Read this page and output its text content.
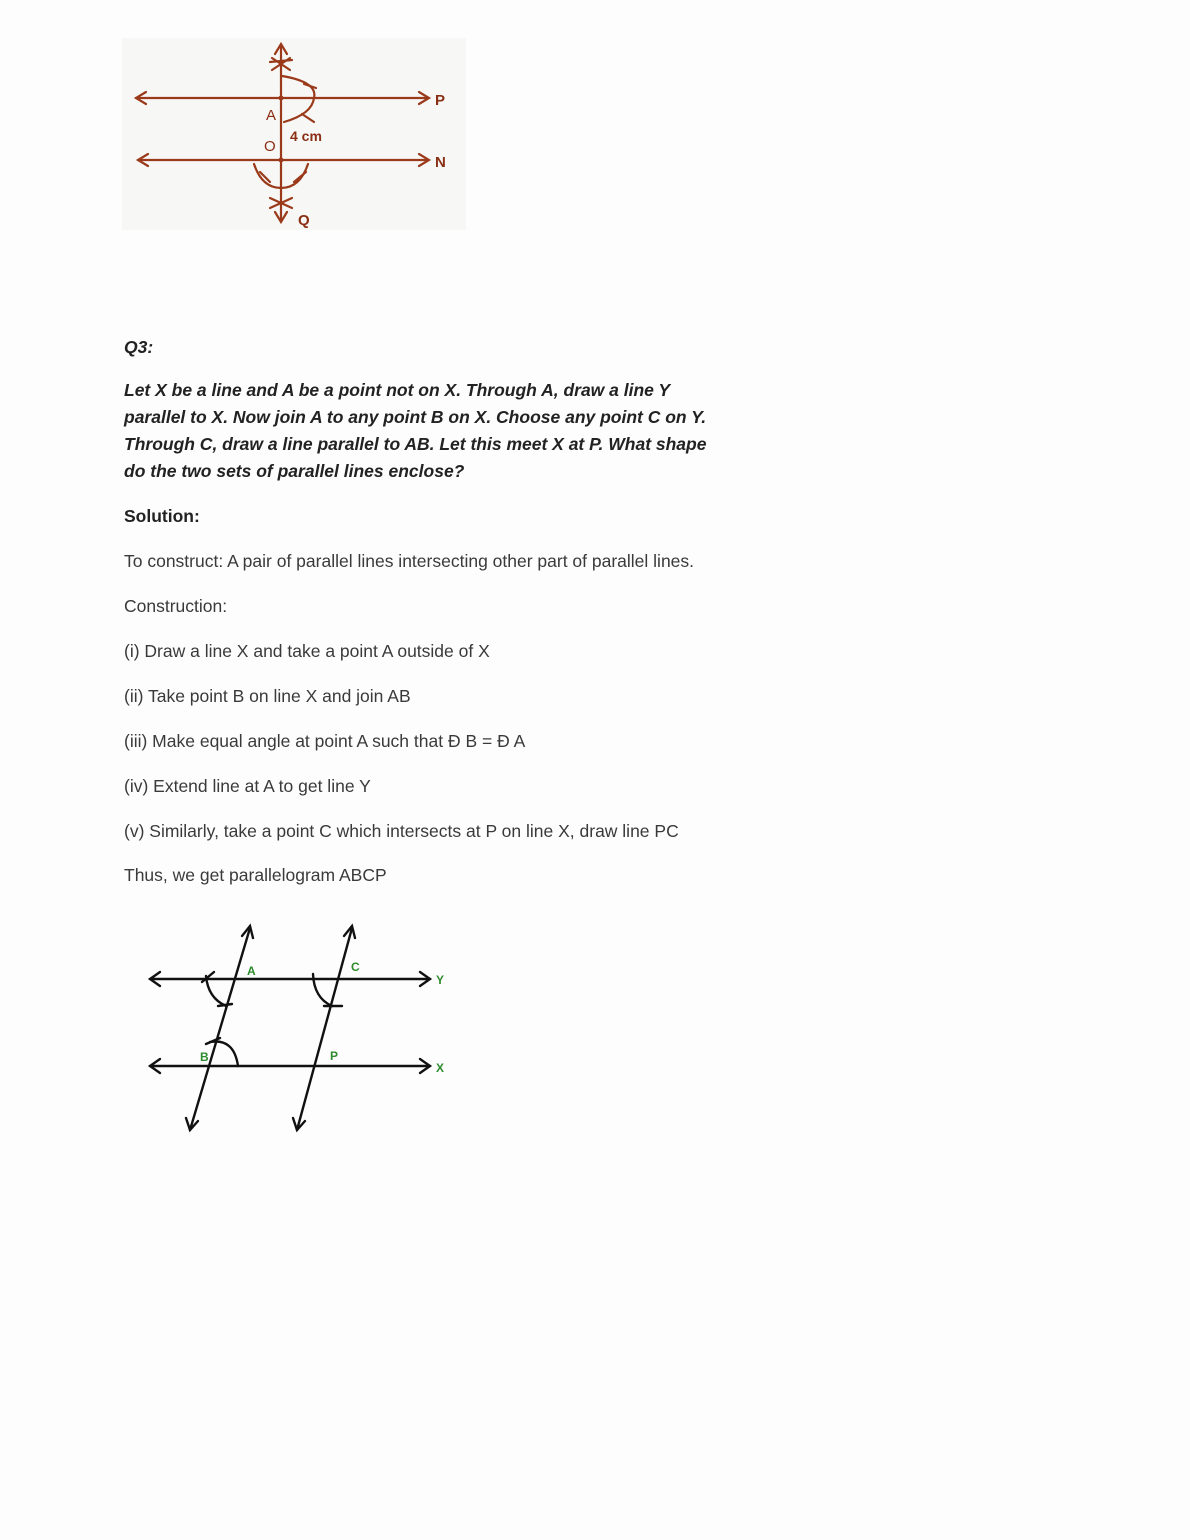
P
N
A
O
Q
4 cm
Q3:
Let X be a line and A be a point not on X. Through A, draw a line Y
parallel to X. Now join A to any point B on X. Choose any point C on Y.
Through C, draw a line parallel to AB. Let this meet X at P. What shape
do the two sets of parallel lines enclose?
Solution:
To construct: A pair of parallel lines intersecting other part of parallel lines.
Construction:
(i) Draw a line X and take a point A outside of X
(ii) Take point B on line X and join AB
(iii) Make equal angle at point A such that Ð B = Ð A
(iv) Extend line at A to get line Y
(v) Similarly, take a point C which intersects at P on line X, draw line PC
Thus, we get parallelogram ABCP
A
B
C
P
Y
X
